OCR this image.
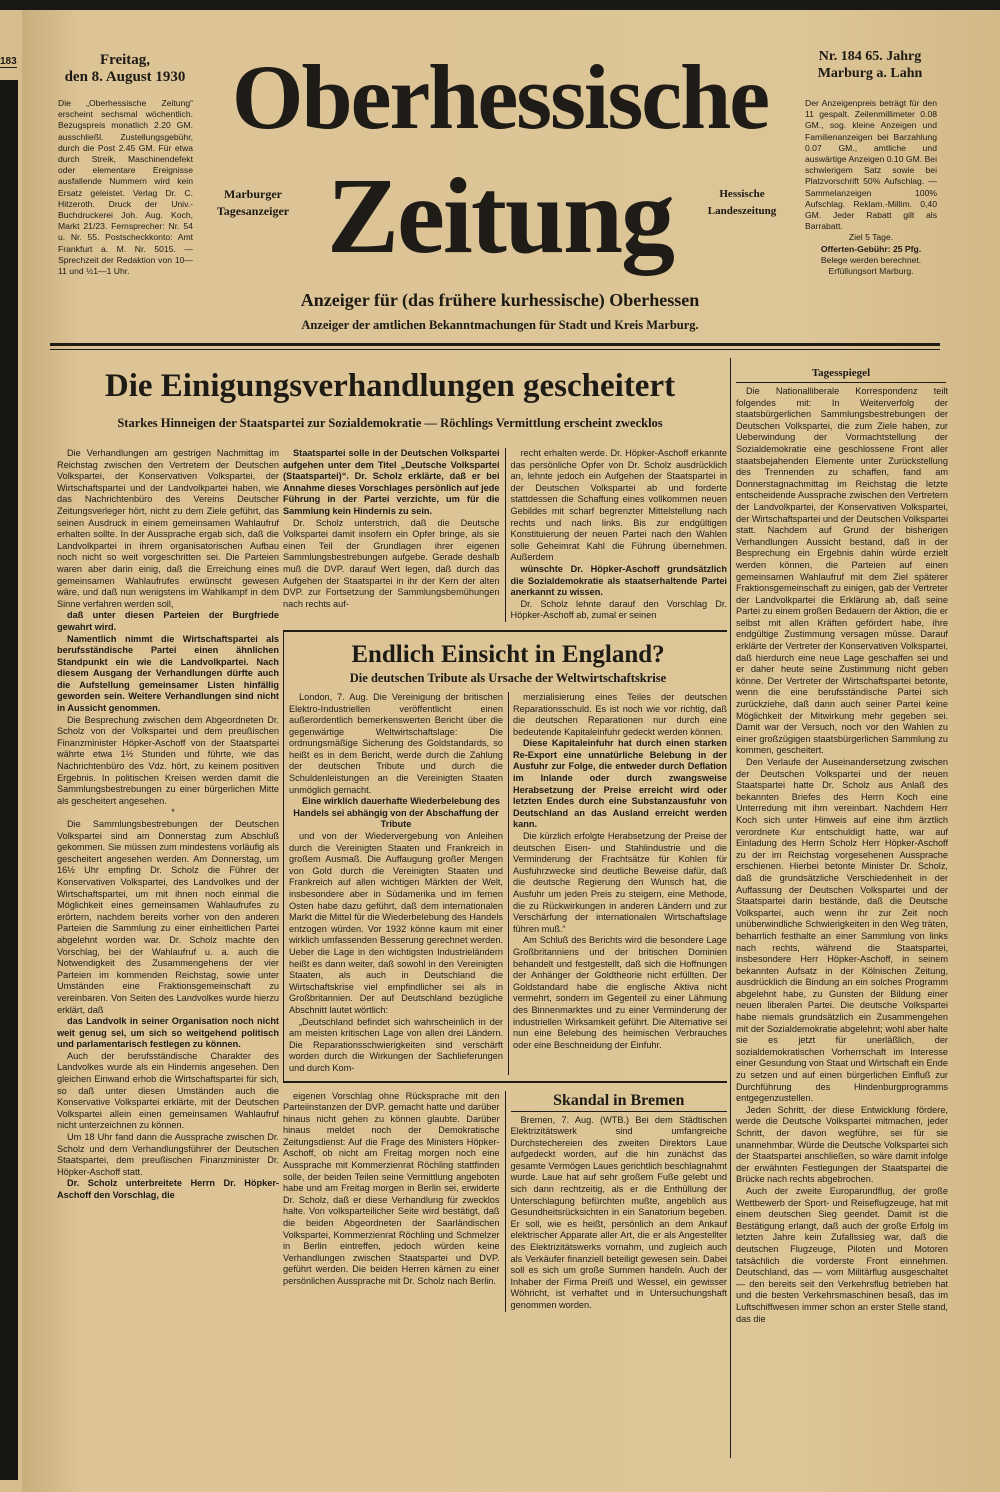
183	Freitag,
den 8. August 1930
Die „Oberhessische Zeitung“ erscheint sechsmal wöchentlich. Bezugspreis monatlich 2.20 GM. ausschließl. Zustellungsgebühr, durch die Post 2.45 GM. Für etwa durch Streik, Maschinendefekt oder elementare Ereignisse ausfallende Nummern wird kein Ersatz geleistet. Verlag Dr. C. Hitzeroth. Druck der Univ.-Buchdruckerei Joh. Aug. Koch, Markt 21/23. Fernsprecher: Nr. 54 u. Nr. 55. Postscheckkonto: Amt Frankfurt a. M. Nr. 5015. — Sprechzeit der Redaktion von 10—11 und ½1—1 Uhr.
Oberhessische
Zeitung
Marburger
Tagesanzeiger
Hessische
Landeszeitung
Nr. 184 65. Jahrg
Marburg a. Lahn
Der Anzeigenpreis beträgt für den 11 gespalt. Zeilenmillimeter 0.08 GM., sog. kleine Anzeigen und Familienanzeigen bei Barzahlung 0.07 GM., amtliche und auswärtige Anzeigen 0.10 GM. Bei schwierigem Satz sowie bei Platzvorschrift 50% Aufschlag. — Sammelanzeigen 100% Aufschlag. Reklam.-Millim. 0,40 GM. Jeder Rabatt gilt als Barrabatt.
Ziel 5 Tage.
Offerten-Gebühr: 25 Pfg.
Belege werden berechnet.
Erfüllungsort Marburg.
Anzeiger für (das frühere kurhessische) Oberhessen
Anzeiger der amtlichen Bekanntmachungen für Stadt und Kreis Marburg.
Die Einigungsverhandlungen gescheitert
Starkes Hinneigen der Staatspartei zur Sozialdemokratie — Röchlings Vermittlung erscheint zwecklos

Die Verhandlungen am gestrigen Nachmittag im Reichstag zwischen den Vertretern der Deutschen Volkspartei, der Konservativen Volkspartei, der Wirtschaftspartei und der Landvolkpartei haben, wie das Nachrichtenbüro des Vereins Deutscher Zeitungsverleger hört, nicht zu dem Ziele geführt, das seinen Ausdruck in einem gemeinsamen Wahlaufruf erhalten sollte. In der Aussprache ergab sich, daß die Landvolkpartei in ihrem organisatorischen Aufbau noch nicht so weit vorgeschritten sei. Die Parteien waren aber darin einig, daß die Erreichung eines gemeinsamen Wahlaufrufes erwünscht gewesen wäre, und daß nun wenigstens im Wahlkampf in dem Sinne verfahren werden soll,

daß unter diesen Parteien der Burgfriede gewahrt wird.

Namentlich nimmt die Wirtschaftspartei als berufsständische Partei einen ähnlichen Standpunkt ein wie die Landvolkpartei. Nach diesem Ausgang der Verhandlungen dürfte auch die Aufstellung gemeinsamer Listen hinfällig geworden sein. Weitere Verhandlungen sind nicht in Aussicht genommen.

Die Besprechung zwischen dem Abgeordneten Dr. Scholz von der Volkspartei und dem preußischen Finanzminister Höpker-Aschoff von der Staatspartei währte etwa 1½ Stunden und führte, wie das Nachrichtenbüro des Vdz. hört, zu keinem positiven Ergebnis. In politischen Kreisen werden damit die Sammlungsbestrebungen zu einer bürgerlichen Mitte als gescheitert angesehen.

*

Die Sammlungsbestrebungen der Deutschen Volkspartei sind am Donnerstag zum Abschluß gekommen. Sie müssen zum mindestens vorläufig als gescheitert angesehen werden. Am Donnerstag, um 16½ Uhr empfing Dr. Scholz die Führer der Konservativen Volkspartei, des Landvolkes und der Wirtschaftspartei, um mit ihnen noch einmal die Möglichkeit eines gemeinsamen Wahlaufrufes zu erörtern, nachdem bereits vorher von den anderen Parteien die Sammlung zu einer einheitlichen Partei abgelehnt worden war. Dr. Scholz machte den Vorschlag, bei der Wahlaufruf u. a. auch die Notwendigkeit des Zusammengehens der vier Parteien im kommenden Reichstag, sowie unter Umständen eine Fraktionsgemeinschaft zu vereinbaren. Von Seiten des Landvolkes wurde hierzu erklärt, daß

das Landvolk in seiner Organisation noch nicht weit genug sei, um sich so weitgehend politisch und parlamentarisch festlegen zu können.

Auch der berufsständische Charakter des Landvolkes wurde als ein Hindernis angesehen. Den gleichen Einwand erhob die Wirtschaftspartei für sich, so daß unter diesen Umständen auch die Konservative Volkspartei erklärte, mit der Deutschen Volkspartei allein einen gemeinsamen Wahlaufruf nicht unterzeichnen zu können.

Um 18 Uhr fand dann die Aussprache zwischen Dr. Scholz und dem Verhandlungsführer der Deutschen Staatspartei, dem preußischen Finanzminister Dr. Höpker-Aschoff statt.

Dr. Scholz unterbreitete Herrn Dr. Höpker-Aschoff den Vorschlag, die

Staatspartei solle in der Deutschen Volkspartei aufgehen unter dem Titel „Deutsche Volkspartei (Staatspartei)“. Dr. Scholz erklärte, daß er bei Annahme dieses Vorschlages persönlich auf jede Führung in der Partei verzichte, um für die Sammlung kein Hindernis zu sein.

Dr. Scholz unterstrich, daß die Deutsche Volkspartei damit insofern ein Opfer bringe, als sie einen Teil der Grundlagen ihrer eigenen Sammlungsbestrebungen aufgebe. Gerade deshalb muß die DVP. darauf Wert legen, daß durch das Aufgehen der Staatspartei in ihr der Kern der alten DVP. zur Fortsetzung der Sammlungsbemühungen nach rechts auf-

recht erhalten werde. Dr. Höpker-Aschoff erkannte das persönliche Opfer von Dr. Scholz ausdrücklich an, lehnte jedoch ein Aufgehen der Staatspartei in der Deutschen Volkspartei ab und forderte stattdessen die Schaffung eines vollkommen neuen Gebildes mit scharf begrenzter Mittelstellung nach rechts und nach links. Bis zur endgültigen Konstituierung der neuen Partei nach den Wahlen solle Geheimrat Kahl die Führung übernehmen. Außerdem

wünschte Dr. Höpker-Aschoff grundsätzlich die Sozialdemokratie als staatserhaltende Partei anerkannt zu wissen.

Dr. Scholz lehnte darauf den Vorschlag Dr. Höpker-Aschoff ab, zumal er seinen

Endlich Einsicht in England?
Die deutschen Tribute als Ursache der Weltwirtschaftskrise

London, 7. Aug. Die Vereinigung der britischen Elektro-Industriellen veröffentlicht einen außerordentlich bemerkenswerten Bericht über die gegenwärtige Weltwirtschaftslage: Die ordnungsmäßige Sicherung des Goldstandards, so heißt es in dem Bericht, werde durch die Zahlung der deutschen Tribute und durch die Schuldenleistungen an die Vereinigten Staaten unmöglich gemacht.

Eine wirklich dauerhafte Wiederbelebung des Handels sei abhängig von der Abschaffung der Tribute

und von der Wiedervergebung von Anleihen durch die Vereinigten Staaten und Frankreich in großem Ausmaß. Die Auffaugung großer Mengen von Gold durch die Vereinigten Staaten und Frankreich auf allen wichtigen Märkten der Welt, insbesondere aber in Südamerika und im fernen Osten habe dazu geführt, daß dem internationalen Markt die Mittel für die Wiederbelebung des Handels entzogen würden. Vor 1932 könne kaum mit einer wirklich umfassenden Besserung gerechnet werden. Ueber die Lage in den wichtigsten Industrieländern heißt es dann weiter, daß sowohl in den Vereinigten Staaten, als auch in Deutschland die Wirtschaftskrise viel empfindlicher sei als in Großbritannien. Der auf Deutschland bezügliche Abschnitt lautet wörtlich:

„Deutschland befindet sich wahrscheinlich in der am meisten kritischen Lage von allen drei Ländern. Die Reparationsschwierigkeiten sind verschärft worden durch die Wirkungen der Sachlieferungen und durch Kom-

merzialisierung eines Teiles der deutschen Reparationsschuld. Es ist noch wie vor richtig, daß die deutschen Reparationen nur durch eine bedeutende Kapitaleinfuhr gedeckt werden können.

Diese Kapitaleinfuhr hat durch einen starken Re-Export eine unnatürliche Belebung in der Ausfuhr zur Folge, die entweder durch Deflation im Inlande oder durch zwangsweise Herabsetzung der Preise erreicht wird oder letzten Endes durch eine Substanzausfuhr von Deutschland an das Ausland erreicht werden kann.

Die kürzlich erfolgte Herabsetzung der Preise der deutschen Eisen- und Stahlindustrie und die Verminderung der Frachtsätze für Kohlen für Ausfuhrzwecke sind deutliche Beweise dafür, daß die deutsche Regierung den Wunsch hat, die Ausfuhr um jeden Preis zu steigern, eine Methode, die zu Rückwirkungen in anderen Ländern und zur Verschärfung der internationalen Wirtschaftslage führen muß.“

Am Schluß des Berichts wird die besondere Lage Großbritanniens und der britischen Dominien behandelt und festgestellt, daß sich die Hoffnungen der Anhänger der Goldtheorie nicht erfüllten. Der Goldstandard habe die englische Aktiva nicht vermehrt, sondern im Gegenteil zu einer Lähmung des Binnenmarktes und zu einer Verminderung der industriellen Wirksamkeit geführt. Die Alternative sei nun eine Belebung des heimischen Verbrauches oder eine Beschneidung der Einfuhr.

eigenen Vorschlag ohne Rücksprache mit den Parteiinstanzen der DVP. gemacht hatte und darüber hinaus nicht gehen zu können glaubte. Darüber hinaus meldet noch der Demokratische Zeitungsdienst: Auf die Frage des Ministers Höpker-Aschoff, ob nicht am Freitag morgen noch eine Aussprache mit Kommerzienrat Röchling stattfinden solle, der beiden Teilen seine Vermittlung angeboten habe und am Freitag morgen in Berlin sei, erwiderte Dr. Scholz, daß er diese Verhandlung für zwecklos halte. Von volksparteilicher Seite wird bestätigt, daß die beiden Abgeordneten der Saarländischen Volkspartei, Kommerzienrat Röchling und Schmelzer in Berlin eintreffen, jedoch würden keine Verhandlungen zwischen Staatspartei und DVP. geführt werden. Die beiden Herren kämen zu einer persönlichen Aussprache mit Dr. Scholz nach Berlin.

Skandal in Bremen

Bremen, 7. Aug. (WTB.) Bei dem Städtischen Elektrizitätswerk sind umfangreiche Durchstechereien des zweiten Direktors Laue aufgedeckt worden, auf die hin zunächst das gesamte Vermögen Laues gerichtlich beschlagnahmt wurde. Laue hat auf sehr großem Fuße gelebt und sich dann rechtzeitig, als er die Enthüllung der Unterschlagung befürchten mußte, angeblich aus Gesundheitsrücksichten in ein Sanatorium begeben. Er soll, wie es heißt, persönlich an dem Ankauf elektrischer Apparate aller Art, die er als Angestellter des Elektrizitätswerks vornahm, und zugleich auch als Verkäufer finanziell beteiligt gewesen sein. Dabei soll es sich um große Summen handeln. Auch der Inhaber der Firma Preiß und Wessel, ein gewisser Wöhricht, ist verhaftet und in Untersuchungshaft genommen worden.

Tagesspiegel

Die Nationalliberale Korrespondenz teilt folgendes mit: In Weiterverfolg der staatsbürgerlichen Sammlungsbestrebungen der Deutschen Volkspartei, die zum Ziele haben, zur Ueberwindung der Vormachtstellung der Sozialdemokratie eine geschlossene Front aller staatsbejahenden Elemente unter Zurückstellung des Trennenden zu schaffen, fand am Donnerstagnachmittag im Reichstag die letzte entscheidende Aussprache zwischen den Vertretern der Landvolkpartei, der Konservativen Volkspartei, der Wirtschaftspartei und der Deutschen Volkspartei statt. Nachdem auf Grund der bisherigen Verhandlungen Aussicht bestand, daß in der Besprechung ein Ergebnis dahin würde erzielt werden können, die Parteien auf einen gemeinsamen Wahlaufruf mit dem Ziel späterer Fraktionsgemeinschaft zu einigen, gab der Vertreter der Landvolkpartei die Erklärung ab, daß seine Partei zu einem großen Bedauern der Aktion, die er selbst mit allen Kräften gefördert habe, ihre endgültige Zustimmung versagen müsse. Darauf erklärte der Vertreter der Konservativen Volkspartei, daß hierdurch eine neue Lage geschaffen sei und er daher heute seine Zustimmung nicht geben könne. Der Vertreter der Wirtschaftspartei betonte, wenn die eine berufsständische Partei sich zurückziehe, daß dann auch seiner Partei keine Möglichkeit der Mitwirkung mehr gegeben sei. Damit war der Versuch, noch vor den Wahlen zu einer großzügigen staatsbürgerlichen Sammlung zu kommen, gescheitert.

Den Verlaufe der Auseinandersetzung zwischen der Deutschen Volkspartei und der neuen Staatspartei hatte Dr. Scholz aus Anlaß des bekannten Briefes des Herrn Koch eine Unterredung mit ihm vereinbart. Nachdem Herr Koch sich unter Hinweis auf eine ihm ärztlich verordnete Kur entschuldigt hatte, war auf Einladung des Herrn Scholz Herr Höpker-Aschoff zu der im Reichstag vorgesehenen Aussprache erschienen. Hierbei betonte Minister Dr. Scholz, daß die grundsätzliche Verschiedenheit in der Auffassung der Deutschen Volkspartei und der Staatspartei darin bestände, daß die Deutsche Volkspartei, auch wenn ihr zur Zeit noch unüberwindliche Schwierigkeiten in den Weg träten, beharrlich festhalte an einer Sammlung von links nach rechts, während die Staatspartei, insbesondere Herr Höpker-Aschoff, in seinem bekannten Aufsatz in der Kölnischen Zeitung, ausdrücklich die Bindung an ein solches Programm abgelehnt habe, zu Gunsten der Bildung einer neuen liberalen Partei. Die deutsche Volkspartei habe niemals grundsätzlich ein Zusammengehen mit der Sozialdemokratie abgelehnt; wohl aber halte sie es jetzt für unerläßlich, der sozialdemokratischen Vorherrschaft im Interesse einer Gesundung von Staat und Wirtschaft ein Ende zu setzen und auf einen bürgerlichen Einfluß zur Durchführung des Hindenburgprogramms entgegenzustellen.

Jeden Schritt, der diese Entwicklung fördere, werde die Deutsche Volkspartei mitmachen, jeder Schritt, der davon wegführe, sei für sie unannehmbar. Würde die Deutsche Volkspartei sich der Staatspartei anschließen, so wäre damit infolge der erwähnten Festlegungen der Staatspartei die Brücke nach rechts abgebrochen.

Auch der zweite Europarundflug, der große Wettbewerb der Sport- und Reiseflugzeuge, hat mit einem deutschen Sieg geendet. Damit ist die Bestätigung erlangt, daß auch der große Erfolg im letzten Jahre kein Zufallssieg war, daß die deutschen Flugzeuge, Piloten und Motoren tatsächlich die vorderste Front einnehmen. Deutschland, das — vom Militärflug ausgeschaltet — den bereits seit den Verkehrsflug betrieben hat und die besten Verkehrsmaschinen besaß, das im Luftschiffwesen immer schon an erster Stelle stand, das die
